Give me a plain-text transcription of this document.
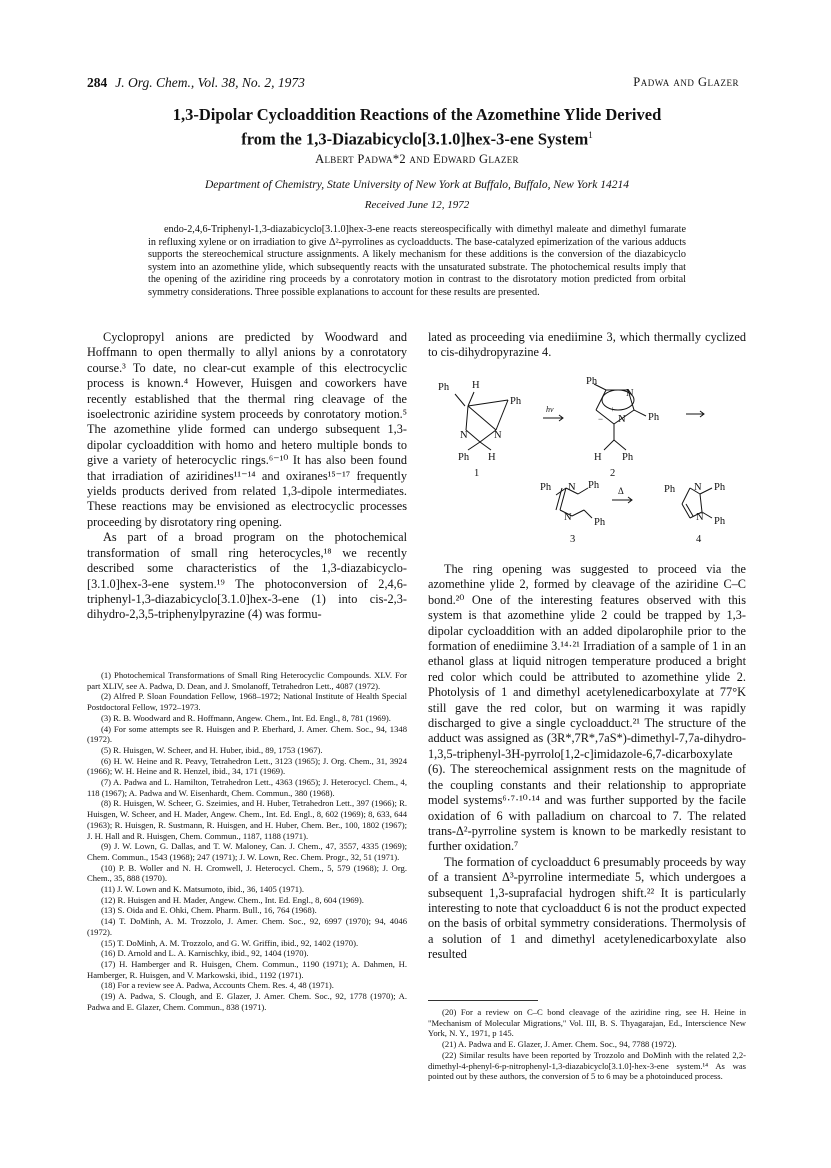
284 J. Org. Chem., Vol. 38, No. 2, 1973	Padwa and Glazer
1,3-Dipolar Cycloaddition Reactions of the Azomethine Ylide Derived
from the 1,3-Diazabicyclo[3.1.0]hex-3-ene System$^1$
Albert Padwa*2 and Edward Glazer
Department of Chemistry, State University of New York at Buffalo, Buffalo, New York 14214
Received June 12, 1972

endo-2,4,6-Triphenyl-1,3-diazabicyclo[3.1.0]hex-3-ene reacts stereospecifically with dimethyl maleate and dimethyl fumarate in refluxing xylene or on irradiation to give Δ²-pyrrolines as cycloadducts. The base-catalyzed epimerization of the various adducts supports the stereochemical structure assignments. A likely mechanism for these additions is the conversion of the diazabicyclo system into an azomethine ylide, which subsequently reacts with the unsaturated substrate. The photochemical results imply that the opening of the aziridine ring proceeds by a conrotatory motion in contrast to the disrotatory motion predicted from orbital symmetry considerations. Three possible explanations to account for these results are presented.

Cyclopropyl anions are predicted by Woodward and Hoffmann to open thermally to allyl anions by a conrotatory course.³ To date, no clear-cut example of this electrocyclic process is known.⁴ However, Huisgen and coworkers have recently established that the thermal ring cleavage of the isoelectronic aziridine system proceeds by conrotatory motion.⁵ The azomethine ylide formed can undergo subsequent 1,3-dipolar cycloaddition with homo and hetero multiple bonds to give a variety of heterocyclic rings.⁶⁻¹⁰ It has also been found that irradiation of aziridines¹¹⁻¹⁴ and oxiranes¹⁵⁻¹⁷ frequently yields products derived from related 1,3-dipole intermediates. These reactions may be envisioned as electrocyclic processes proceeding by disrotatory ring opening.

As part of a broad program on the photochemical transformation of small ring heterocycles,¹⁸ we recently described some characteristics of the 1,3-diazabicyclo-[3.1.0]hex-3-ene system.¹⁹ The photoconversion of 2,4,6-triphenyl-1,3-diazabicyclo[3.1.0]hex-3-ene (1) into cis-2,3-dihydro-2,3,5-triphenylpyrazine (4) was formu-

lated as proceeding via enediimine 3, which thermally cyclized to cis-dihydropyrazine 4.

Ph H
Ph
N	N
Ph H
1
hν
Ph
N
+
N
−	Ph
H Ph
2
Ph N Ph
N Ph
3
Δ	Ph N Ph
N Ph
4

The ring opening was suggested to proceed via the azomethine ylide 2, formed by cleavage of the aziridine C–C bond.²⁰ One of the interesting features observed with this system is that azomethine ylide 2 could be trapped by 1,3-dipolar cycloaddition with an added dipolarophile prior to the formation of enediimine 3.¹⁴·²¹ Irradiation of a sample of 1 in an ethanol glass at liquid nitrogen temperature produced a bright red color which could be attributed to azomethine ylide 2. Photolysis of 1 and dimethyl acetylenedicarboxylate at 77°K still gave the red color, but on warming it was rapidly discharged to give a single cycloadduct.²¹ The structure of the adduct was assigned as (3R*,7R*,7aS*)-dimethyl-7,7a-dihydro-1,3,5-triphenyl-3H-pyrrolo[1,2-c]imidazole-6,7-dicarboxylate (6). The stereochemical assignment rests on the magnitude of the coupling constants and their relationship to appropriate model systems⁶·⁷·¹⁰·¹⁴ and was further supported by the facile oxidation of 6 with palladium on charcoal to 7. The related trans-Δ²-pyrroline system is known to be markedly resistant to further oxidation.⁷

The formation of cycloadduct 6 presumably proceeds by way of a transient Δ³-pyrroline intermediate 5, which undergoes a subsequent 1,3-suprafacial hydrogen shift.²² It is particularly interesting to note that cycloadduct 6 is not the product expected on the basis of orbital symmetry considerations. Thermolysis of a solution of 1 and dimethyl acetylenedicarboxylate also resulted

(1) Photochemical Transformations of Small Ring Heterocyclic Compounds. XLV. For part XLIV, see A. Padwa, D. Dean, and J. Smolanoff, Tetrahedron Lett., 4087 (1972).

(2) Alfred P. Sloan Foundation Fellow, 1968–1972; National Institute of Health Special Postdoctoral Fellow, 1972–1973.

(3) R. B. Woodward and R. Hoffmann, Angew. Chem., Int. Ed. Engl., 8, 781 (1969).

(4) For some attempts see R. Huisgen and P. Eberhard, J. Amer. Chem. Soc., 94, 1348 (1972).

(5) R. Huisgen, W. Scheer, and H. Huber, ibid., 89, 1753 (1967).

(6) H. W. Heine and R. Peavy, Tetrahedron Lett., 3123 (1965); J. Org. Chem., 31, 3924 (1966); W. H. Heine and R. Henzel, ibid., 34, 171 (1969).

(7) A. Padwa and L. Hamilton, Tetrahedron Lett., 4363 (1965); J. Heterocycl. Chem., 4, 118 (1967); A. Padwa and W. Eisenhardt, Chem. Commun., 380 (1968).

(8) R. Huisgen, W. Scheer, G. Szeimies, and H. Huber, Tetrahedron Lett., 397 (1966); R. Huisgen, W. Scheer, and H. Mader, Angew. Chem., Int. Ed. Engl., 8, 602 (1969); 8, 633, 644 (1963); R. Huisgen, R. Sustmann, R. Huisgen, and H. Huber, Chem. Ber., 100, 1802 (1967); J. H. Hall and R. Huisgen, Chem. Commun., 1187, 1188 (1971).

(9) J. W. Lown, G. Dallas, and T. W. Maloney, Can. J. Chem., 47, 3557, 4335 (1969); Chem. Commun., 1543 (1968); 247 (1971); J. W. Lown, Rec. Chem. Progr., 32, 51 (1971).

(10) P. B. Woller and N. H. Cromwell, J. Heterocycl. Chem., 5, 579 (1968); J. Org. Chem., 35, 888 (1970).

(11) J. W. Lown and K. Matsumoto, ibid., 36, 1405 (1971).

(12) R. Huisgen and H. Mader, Angew. Chem., Int. Ed. Engl., 8, 604 (1969).

(13) S. Oida and E. Ohki, Chem. Pharm. Bull., 16, 764 (1968).

(14) T. DoMinh, A. M. Trozzolo, J. Amer. Chem. Soc., 92, 6997 (1970); 94, 4046 (1972).

(15) T. DoMinh, A. M. Trozzolo, and G. W. Griffin, ibid., 92, 1402 (1970).

(16) D. Arnold and L. A. Karnischky, ibid., 92, 1404 (1970).

(17) H. Hamberger and R. Huisgen, Chem. Commun., 1190 (1971); A. Dahmen, H. Hamberger, R. Huisgen, and V. Markowski, ibid., 1192 (1971).

(18) For a review see A. Padwa, Accounts Chem. Res. 4, 48 (1971).

(19) A. Padwa, S. Clough, and E. Glazer, J. Amer. Chem. Soc., 92, 1778 (1970); A. Padwa and E. Glazer, Chem. Commun., 838 (1971).

(20) For a review on C–C bond cleavage of the aziridine ring, see H. Heine in "Mechanism of Molecular Migrations," Vol. III, B. S. Thyagarajan, Ed., Interscience New York, N. Y., 1971, p 145.

(21) A. Padwa and E. Glazer, J. Amer. Chem. Soc., 94, 7788 (1972).

(22) Similar results have been reported by Trozzolo and DoMinh with the related 2,2-dimethyl-4-phenyl-6-p-nitrophenyl-1,3-diazabicyclo[3.1.0]-hex-3-ene system.¹⁴ As was pointed out by these authors, the conversion of 5 to 6 may be a photoinduced process.
